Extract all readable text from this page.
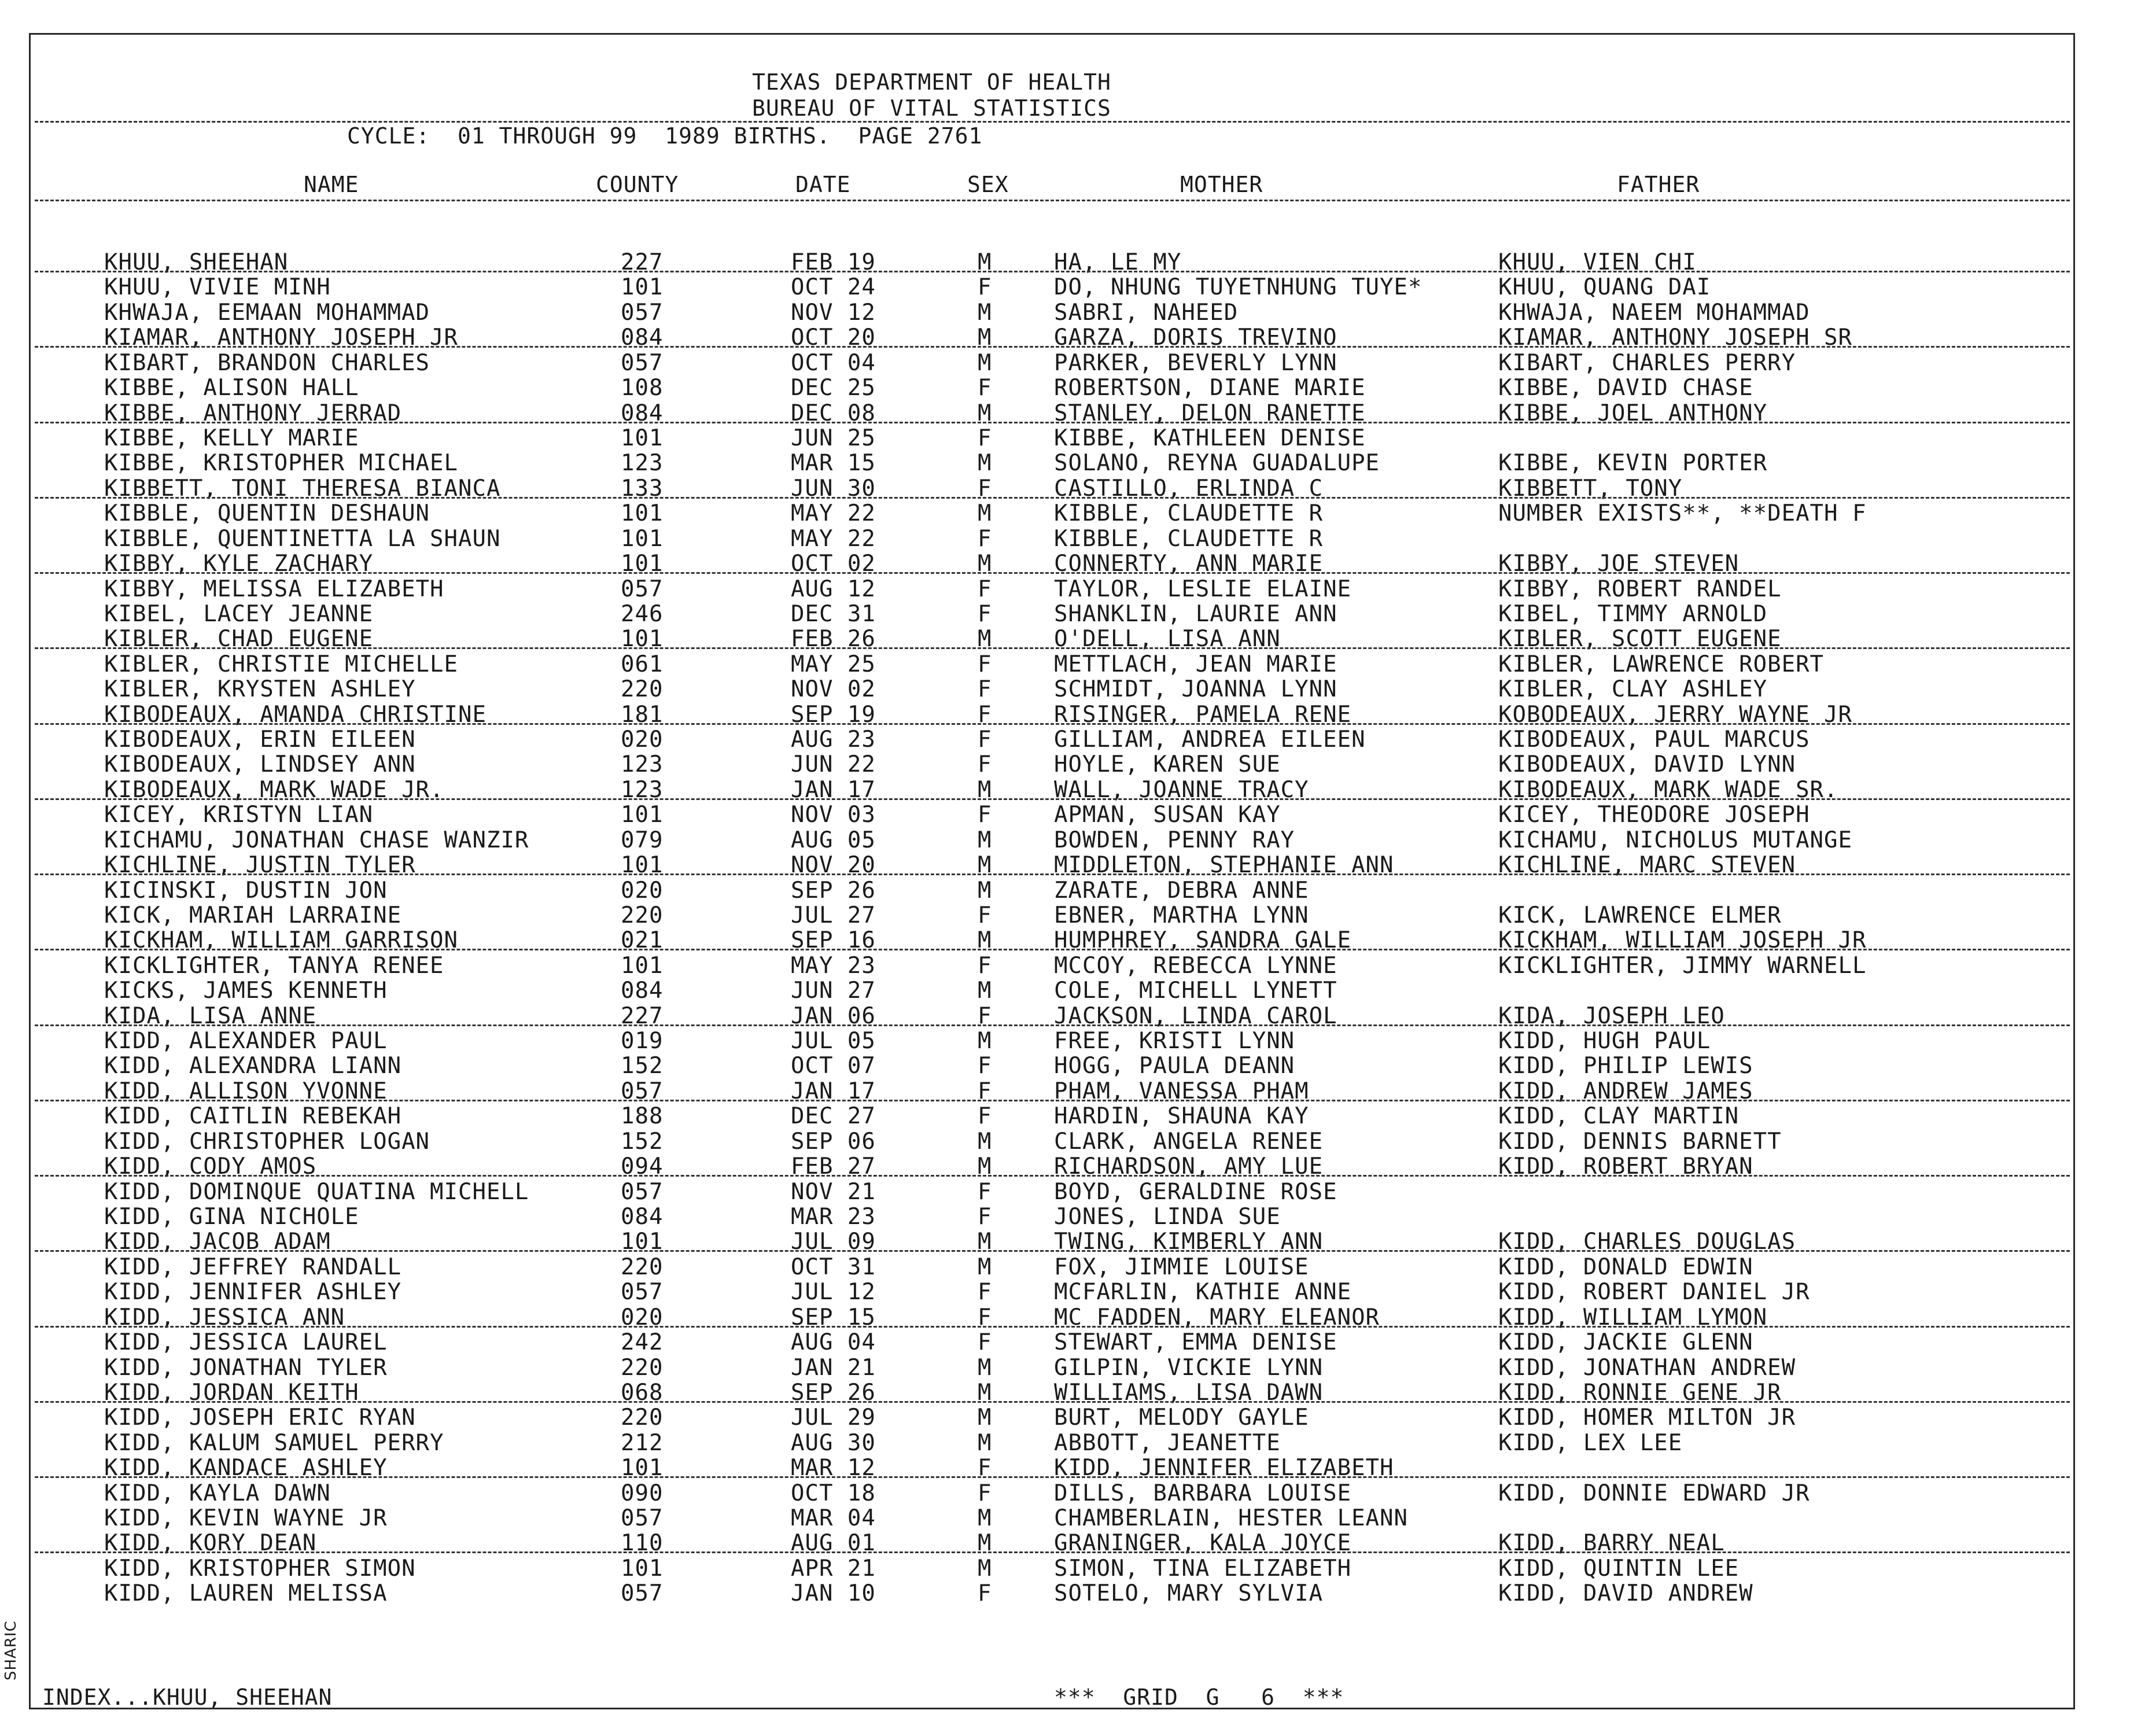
SHARIC
TEXAS DEPARTMENT OF HEALTH
BUREAU OF VITAL STATISTICS
CYCLE:  01 THROUGH 99  1989 BIRTHS.  PAGE 2761
NAME	COUNTY	DATE	SEX	MOTHER	FATHER
KHUU, SHEEHAN	227	FEB 19	M	HA, LE MY	KHUU, VIEN CHI
KHUU, VIVIE MINH	101	OCT 24	F	DO, NHUNG TUYETNHUNG TUYE*	KHUU, QUANG DAI
KHWAJA, EEMAAN MOHAMMAD	057	NOV 12	M	SABRI, NAHEED	KHWAJA, NAEEM MOHAMMAD
KIAMAR, ANTHONY JOSEPH JR	084	OCT 20	M	GARZA, DORIS TREVINO	KIAMAR, ANTHONY JOSEPH SR
KIBART, BRANDON CHARLES	057	OCT 04	M	PARKER, BEVERLY LYNN	KIBART, CHARLES PERRY
KIBBE, ALISON HALL	108	DEC 25	F	ROBERTSON, DIANE MARIE	KIBBE, DAVID CHASE
KIBBE, ANTHONY JERRAD	084	DEC 08	M	STANLEY, DELON RANETTE	KIBBE, JOEL ANTHONY
KIBBE, KELLY MARIE	101	JUN 25	F	KIBBE, KATHLEEN DENISE
KIBBE, KRISTOPHER MICHAEL	123	MAR 15	M	SOLANO, REYNA GUADALUPE	KIBBE, KEVIN PORTER
KIBBETT, TONI THERESA BIANCA	133	JUN 30	F	CASTILLO, ERLINDA C	KIBBETT, TONY
KIBBLE, QUENTIN DESHAUN	101	MAY 22	M	KIBBLE, CLAUDETTE R	NUMBER EXISTS**, **DEATH F
KIBBLE, QUENTINETTA LA SHAUN	101	MAY 22	F	KIBBLE, CLAUDETTE R
KIBBY, KYLE ZACHARY	101	OCT 02	M	CONNERTY, ANN MARIE	KIBBY, JOE STEVEN
KIBBY, MELISSA ELIZABETH	057	AUG 12	F	TAYLOR, LESLIE ELAINE	KIBBY, ROBERT RANDEL
KIBEL, LACEY JEANNE	246	DEC 31	F	SHANKLIN, LAURIE ANN	KIBEL, TIMMY ARNOLD
KIBLER, CHAD EUGENE	101	FEB 26	M	O'DELL, LISA ANN	KIBLER, SCOTT EUGENE
KIBLER, CHRISTIE MICHELLE	061	MAY 25	F	METTLACH, JEAN MARIE	KIBLER, LAWRENCE ROBERT
KIBLER, KRYSTEN ASHLEY	220	NOV 02	F	SCHMIDT, JOANNA LYNN	KIBLER, CLAY ASHLEY
KIBODEAUX, AMANDA CHRISTINE	181	SEP 19	F	RISINGER, PAMELA RENE	KOBODEAUX, JERRY WAYNE JR
KIBODEAUX, ERIN EILEEN	020	AUG 23	F	GILLIAM, ANDREA EILEEN	KIBODEAUX, PAUL MARCUS
KIBODEAUX, LINDSEY ANN	123	JUN 22	F	HOYLE, KAREN SUE	KIBODEAUX, DAVID LYNN
KIBODEAUX, MARK WADE JR.	123	JAN 17	M	WALL, JOANNE TRACY	KIBODEAUX, MARK WADE SR.
KICEY, KRISTYN LIAN	101	NOV 03	F	APMAN, SUSAN KAY	KICEY, THEODORE JOSEPH
KICHAMU, JONATHAN CHASE WANZIR	079	AUG 05	M	BOWDEN, PENNY RAY	KICHAMU, NICHOLUS MUTANGE
KICHLINE, JUSTIN TYLER	101	NOV 20	M	MIDDLETON, STEPHANIE ANN	KICHLINE, MARC STEVEN
KICINSKI, DUSTIN JON	020	SEP 26	M	ZARATE, DEBRA ANNE
KICK, MARIAH LARRAINE	220	JUL 27	F	EBNER, MARTHA LYNN	KICK, LAWRENCE ELMER
KICKHAM, WILLIAM GARRISON	021	SEP 16	M	HUMPHREY, SANDRA GALE	KICKHAM, WILLIAM JOSEPH JR
KICKLIGHTER, TANYA RENEE	101	MAY 23	F	MCCOY, REBECCA LYNNE	KICKLIGHTER, JIMMY WARNELL
KICKS, JAMES KENNETH	084	JUN 27	M	COLE, MICHELL LYNETT
KIDA, LISA ANNE	227	JAN 06	F	JACKSON, LINDA CAROL	KIDA, JOSEPH LEO
KIDD, ALEXANDER PAUL	019	JUL 05	M	FREE, KRISTI LYNN	KIDD, HUGH PAUL
KIDD, ALEXANDRA LIANN	152	OCT 07	F	HOGG, PAULA DEANN	KIDD, PHILIP LEWIS
KIDD, ALLISON YVONNE	057	JAN 17	F	PHAM, VANESSA PHAM	KIDD, ANDREW JAMES
KIDD, CAITLIN REBEKAH	188	DEC 27	F	HARDIN, SHAUNA KAY	KIDD, CLAY MARTIN
KIDD, CHRISTOPHER LOGAN	152	SEP 06	M	CLARK, ANGELA RENEE	KIDD, DENNIS BARNETT
KIDD, CODY AMOS	094	FEB 27	M	RICHARDSON, AMY LUE	KIDD, ROBERT BRYAN
KIDD, DOMINQUE QUATINA MICHELL	057	NOV 21	F	BOYD, GERALDINE ROSE
KIDD, GINA NICHOLE	084	MAR 23	F	JONES, LINDA SUE
KIDD, JACOB ADAM	101	JUL 09	M	TWING, KIMBERLY ANN	KIDD, CHARLES DOUGLAS
KIDD, JEFFREY RANDALL	220	OCT 31	M	FOX, JIMMIE LOUISE	KIDD, DONALD EDWIN
KIDD, JENNIFER ASHLEY	057	JUL 12	F	MCFARLIN, KATHIE ANNE	KIDD, ROBERT DANIEL JR
KIDD, JESSICA ANN	020	SEP 15	F	MC FADDEN, MARY ELEANOR	KIDD, WILLIAM LYMON
KIDD, JESSICA LAUREL	242	AUG 04	F	STEWART, EMMA DENISE	KIDD, JACKIE GLENN
KIDD, JONATHAN TYLER	220	JAN 21	M	GILPIN, VICKIE LYNN	KIDD, JONATHAN ANDREW
KIDD, JORDAN KEITH	068	SEP 26	M	WILLIAMS, LISA DAWN	KIDD, RONNIE GENE JR
KIDD, JOSEPH ERIC RYAN	220	JUL 29	M	BURT, MELODY GAYLE	KIDD, HOMER MILTON JR
KIDD, KALUM SAMUEL PERRY	212	AUG 30	M	ABBOTT, JEANETTE	KIDD, LEX LEE
KIDD, KANDACE ASHLEY	101	MAR 12	F	KIDD, JENNIFER ELIZABETH
KIDD, KAYLA DAWN	090	OCT 18	F	DILLS, BARBARA LOUISE	KIDD, DONNIE EDWARD JR
KIDD, KEVIN WAYNE JR	057	MAR 04	M	CHAMBERLAIN, HESTER LEANN
KIDD, KORY DEAN	110	AUG 01	M	GRANINGER, KALA JOYCE	KIDD, BARRY NEAL
KIDD, KRISTOPHER SIMON	101	APR 21	M	SIMON, TINA ELIZABETH	KIDD, QUINTIN LEE
KIDD, LAUREN MELISSA	057	JAN 10	F	SOTELO, MARY SYLVIA	KIDD, DAVID ANDREW
INDEX...KHUU, SHEEHAN	***  GRID  G   6  ***
